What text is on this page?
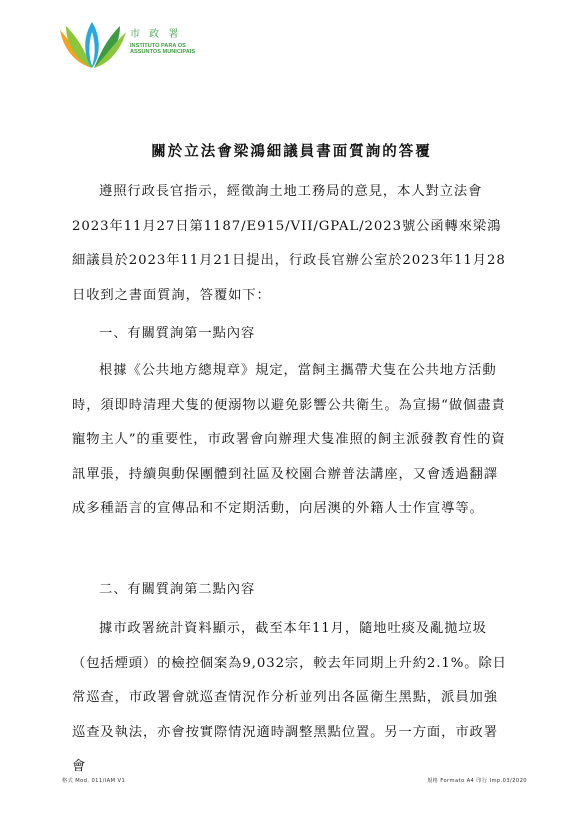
市 政 署
INSTITUTO PARA OS
ASSUNTOS MUNICIPAIS
關於立法會梁鴻細議員書面質詢的答覆
遵照行政長官指示，經徵詢土地工務局的意見，本人對立法會2023年11月27日第1187/E915/VII/GPAL/2023號公函轉來梁鴻細議員於2023年11月21日提出，行政長官辦公室於2023年11月28日收到之書面質詢，答覆如下：
一、有關質詢第一點內容
根據《公共地方總規章》規定，當飼主攜帶犬隻在公共地方活動時，須即時清理犬隻的便溺物以避免影響公共衛生。為宣揚“做個盡責寵物主人”的重要性，市政署會向辦理犬隻准照的飼主派發教育性的資訊單張，持續與動保團體到社區及校園合辦普法講座，又會透過翻譯成多種語言的宣傳品和不定期活動，向居澳的外籍人士作宣導等。
二、有關質詢第二點內容
據市政署統計資料顯示，截至本年11月，隨地吐痰及亂拋垃圾（包括煙頭）的檢控個案為9,032宗，較去年同期上升約2.1%。除日常巡查，市政署會就巡查情況作分析並列出各區衛生黑點，派員加強巡查及執法，亦會按實際情況適時調整黑點位置。另一方面，市政署會
格式 Mod. 011/IAM V1	規格 Formato A4 印行 Imp.03/2020
